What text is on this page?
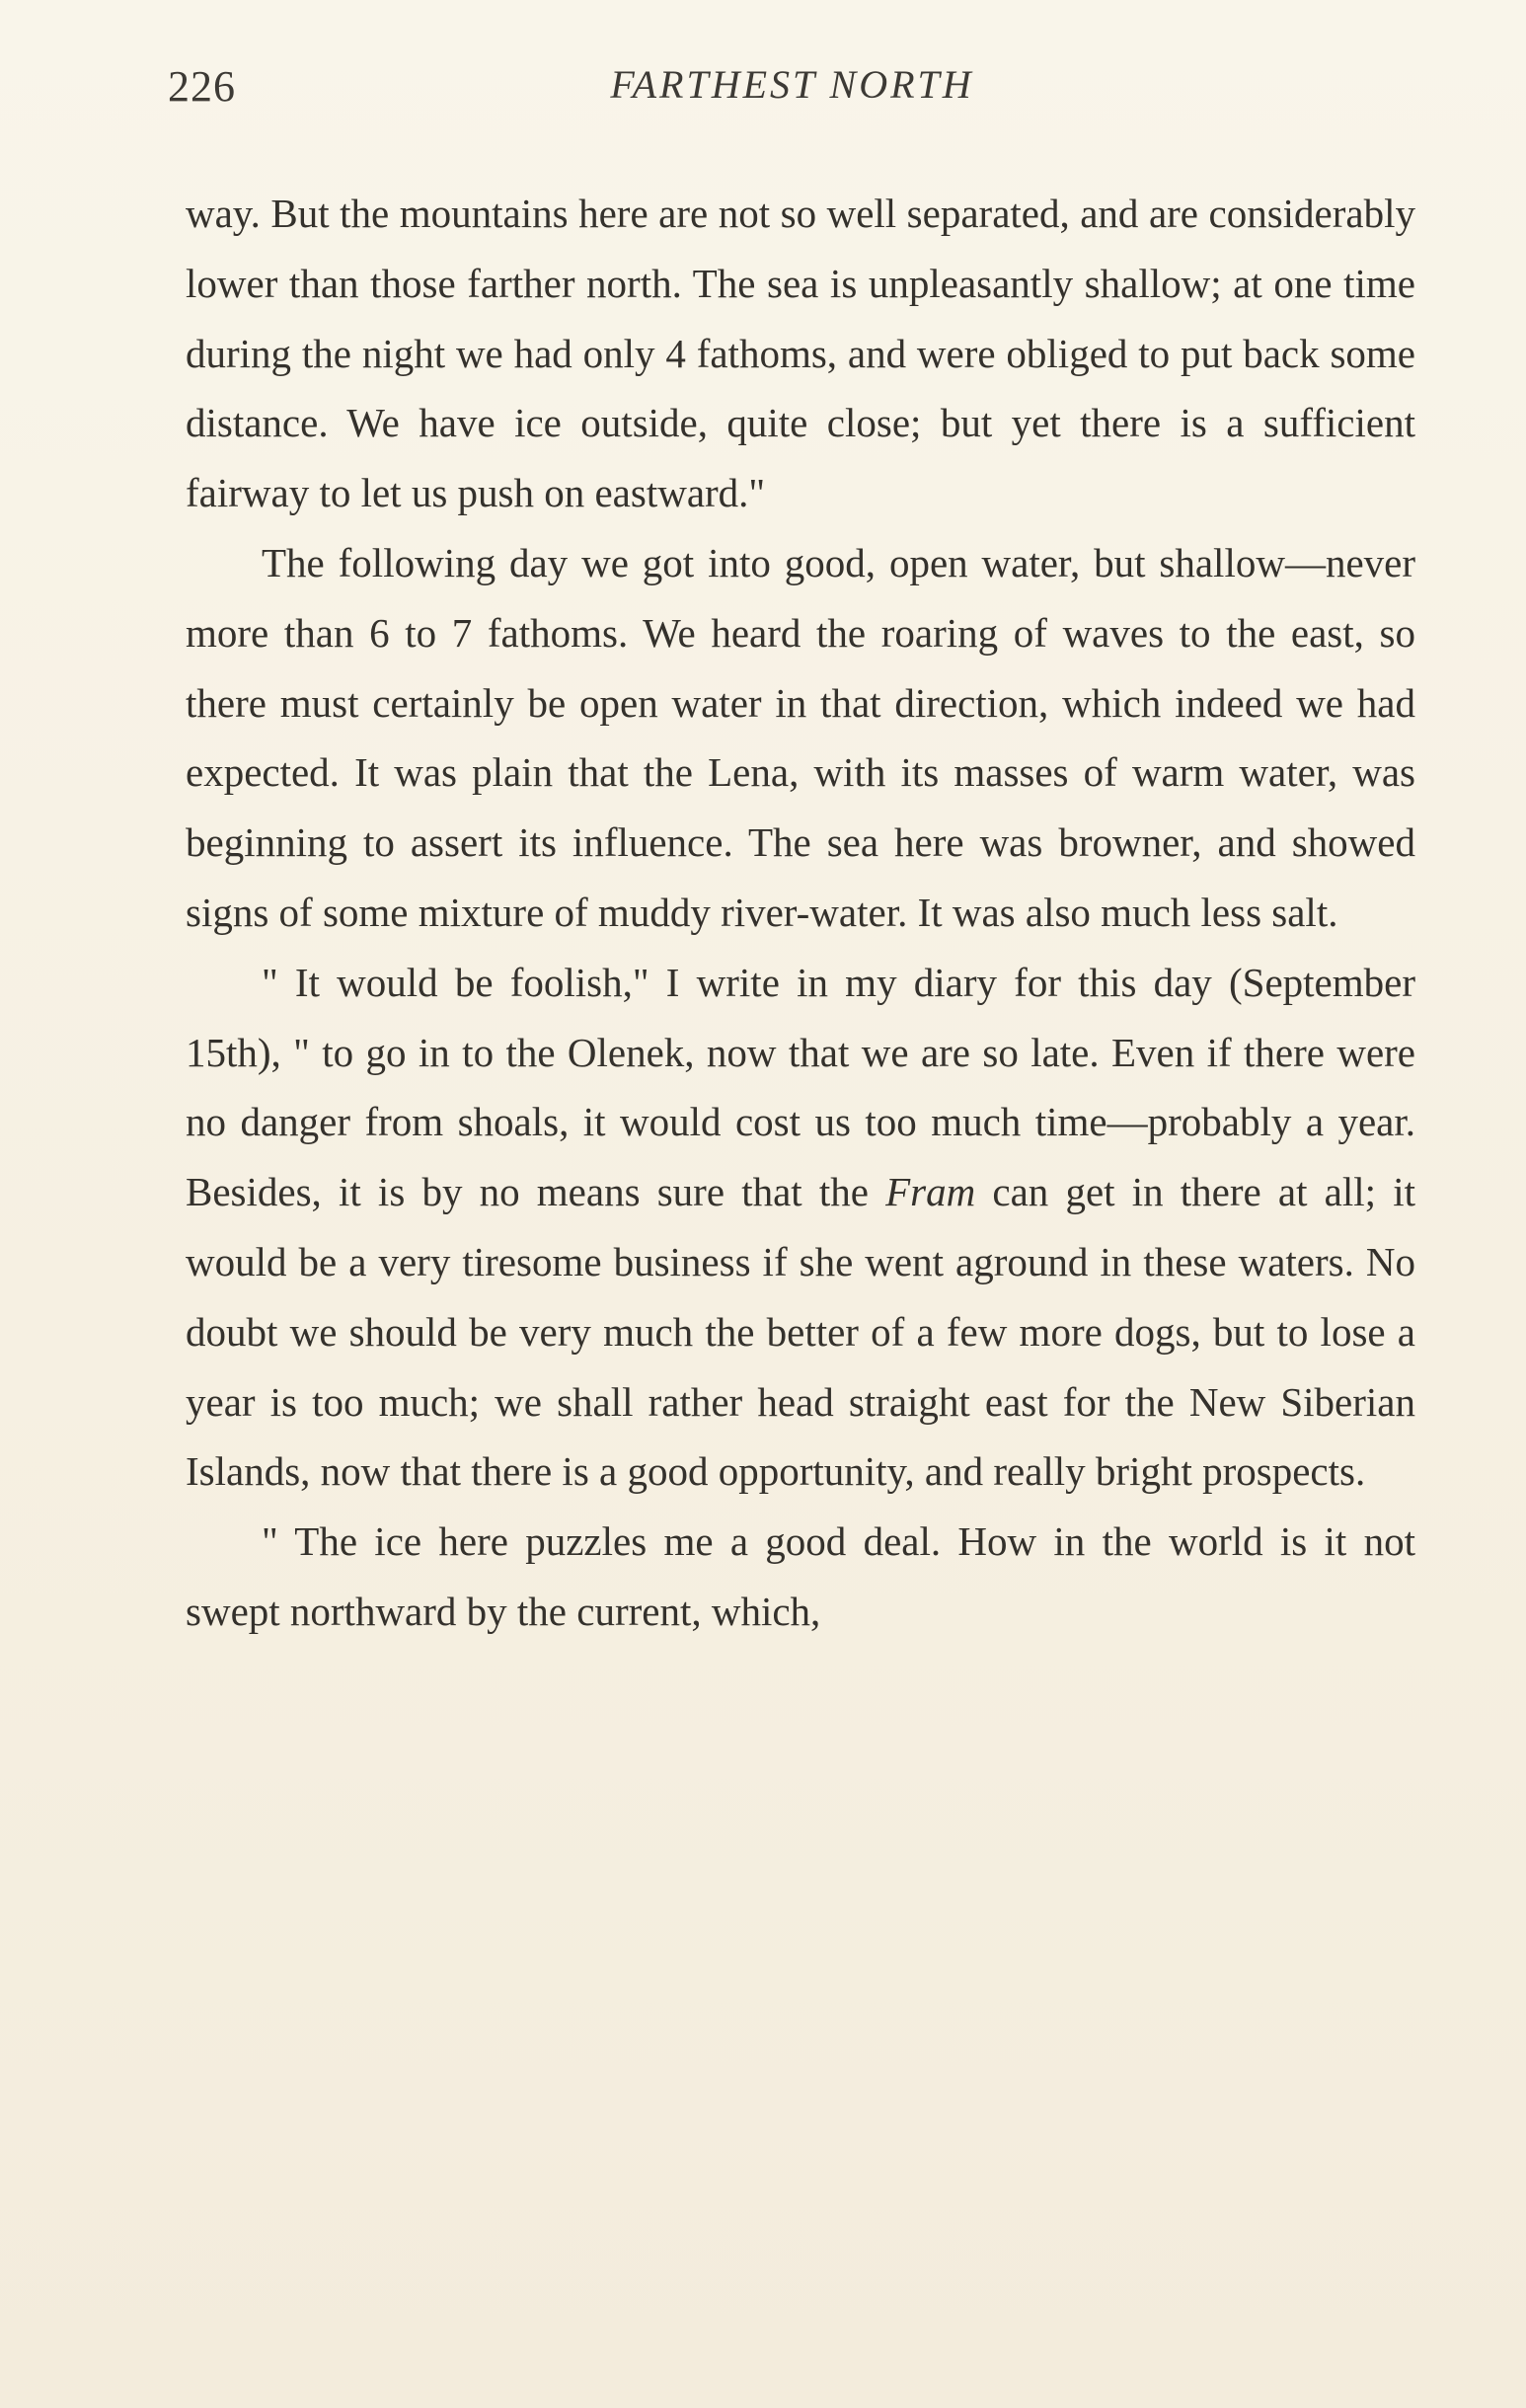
226	FARTHEST NORTH

way. But the mountains here are not so well separated, and are considerably lower than those farther north. The sea is unpleasantly shallow; at one time during the night we had only 4 fathoms, and were obliged to put back some distance. We have ice outside, quite close; but yet there is a sufficient fairway to let us push on eastward."

The following day we got into good, open water, but shallow—never more than 6 to 7 fathoms. We heard the roaring of waves to the east, so there must certainly be open water in that direction, which indeed we had expected. It was plain that the Lena, with its masses of warm water, was beginning to assert its influence. The sea here was browner, and showed signs of some mixture of muddy river-water. It was also much less salt.

" It would be foolish," I write in my diary for this day (September 15th), " to go in to the Olenek, now that we are so late. Even if there were no danger from shoals, it would cost us too much time—probably a year. Besides, it is by no means sure that the Fram can get in there at all; it would be a very tiresome business if she went aground in these waters. No doubt we should be very much the better of a few more dogs, but to lose a year is too much; we shall rather head straight east for the New Siberian Islands, now that there is a good opportunity, and really bright prospects.

" The ice here puzzles me a good deal. How in the world is it not swept northward by the current, which,
